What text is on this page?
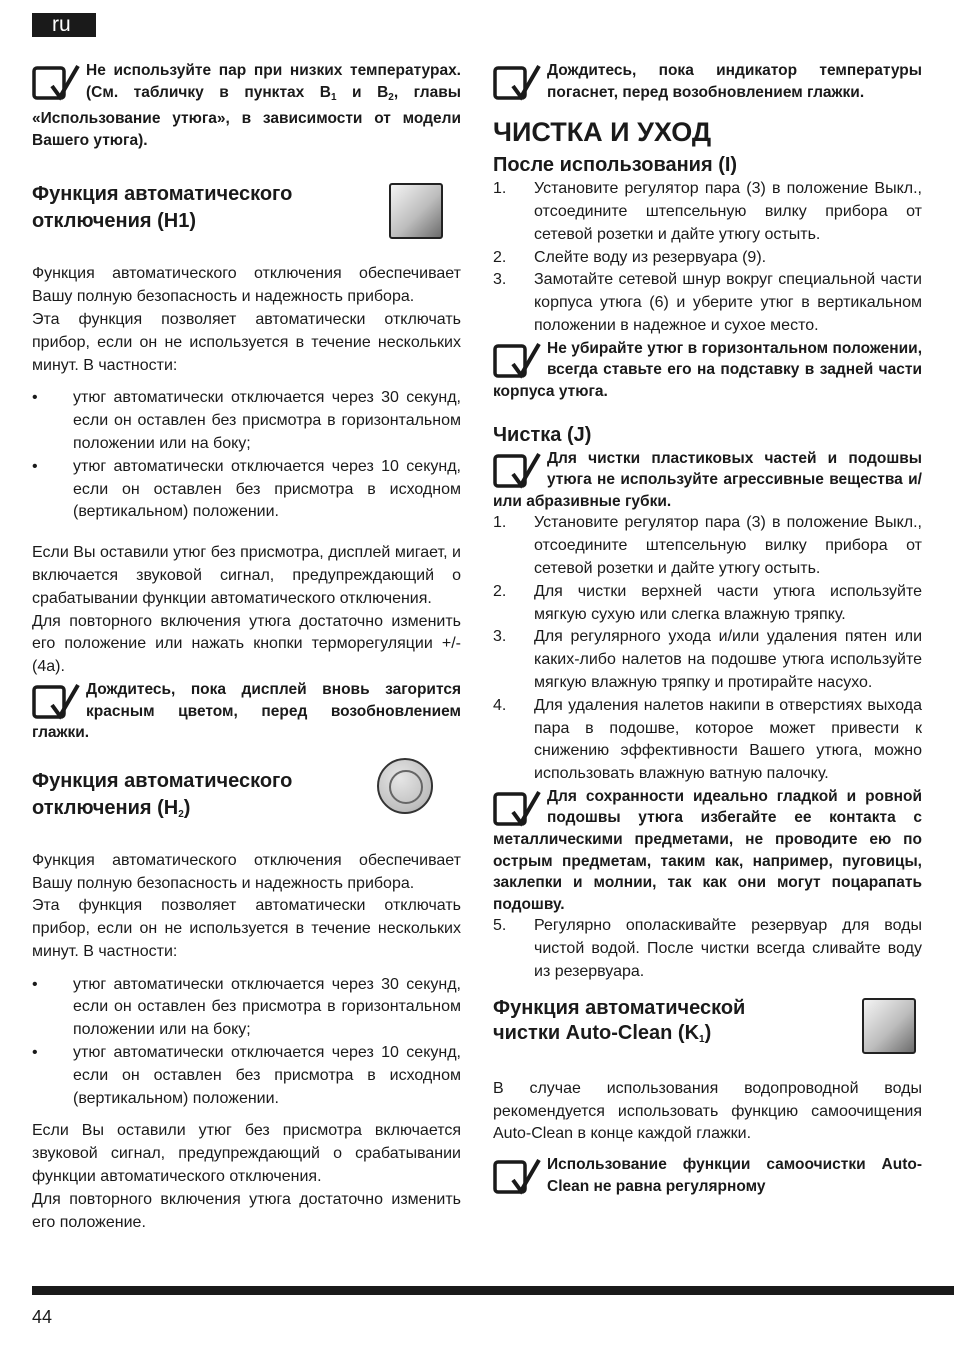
ru
Не используйте пар при низких температурах. (См. табличку в пунктах $B_1$ и $B_2$, главы «Использование утюга», в зависимости от модели Вашего утюга).
Функция автоматического отключения (H1)

Функция автоматического отключения обеспечивает Вашу полную безопасность и надежность прибора.

Эта функция позволяет автоматически отключать прибор, если он не используется в течение нескольких минут. В частности:

• утюг автоматически отключается через 30 секунд, если он оставлен без присмотра в горизонтальном положении или на боку;
• утюг автоматически отключается через 10 секунд, если он оставлен без присмотра в исходном (вертикальном) положении.

Если Вы оставили утюг без присмотра, дисплей мигает, и включается звуковой сигнал, предупреждающий о срабатывании функции автоматического отключения.

Для повторного включения утюга достаточно изменить его положение или нажать кнопки терморегуляции +/- (4a).

Дождитесь, пока дисплей вновь загорится красным цветом, перед возобновлением глажки.
Функция автоматического отключения $(H_2)$

Функция автоматического отключения обеспечивает Вашу полную безопасность и надежность прибора.

Эта функция позволяет автоматически отключать прибор, если он не используется в течение нескольких минут. В частности:

• утюг автоматически отключается через 30 секунд, если он оставлен без присмотра в горизонтальном положении или на боку;
• утюг автоматически отключается через 10 секунд, если он оставлен без присмотра в исходном (вертикальном) положении.

Если Вы оставили утюг без присмотра включается звуковой сигнал, предупреждающий о срабатывании функции автоматического отключения.

Для повторного включения утюга достаточно изменить его положение.

Дождитесь, пока индикатор температуры погаснет, перед возобновлением глажки.
ЧИСТКА И УХОД
После использования (I)
1. Установите регулятор пара (3) в положение Выкл., отсоедините штепсельную вилку прибора от сетевой розетки и дайте утюгу остыть.
2. Слейте воду из резервуара (9).
3. Замотайте сетевой шнур вокруг специальной части корпуса утюга (6) и уберите утюг в вертикальном положении в надежное и сухое место.
Не убирайте утюг в горизонтальном положении, всегда ставьте его на подставку в задней части корпуса утюга.
Чистка (J)
Для чистки пластиковых частей и подошвы утюга не используйте агрессивные вещества и/или абразивные губки.
1. Установите регулятор пара (3) в положение Выкл., отсоедините штепсельную вилку прибора от сетевой розетки и дайте утюгу остыть.
2. Для чистки верхней части утюга используйте мягкую сухую или слегка влажную тряпку.
3. Для регулярного ухода и/или удаления пятен или каких-либо налетов на подошве утюга используйте мягкую влажную тряпку и протирайте насухо.
4. Для удаления налетов накипи в отверстиях выхода пара в подошве, которое может привести к снижению эффективности Вашего утюга, можно использовать влажную ватную палочку.
Для сохранности идеально гладкой и ровной подошвы утюга избегайте ее контакта с металлическими предметами, не проводите ею по острым предметам, таким как, например, пуговицы, заклепки и молнии, так как они могут поцарапать подошву.
5. Регулярно ополаскивайте резервуар для воды чистой водой. После чистки всегда сливайте воду из резервуара.
Функция автоматической чистки Auto-Clean $(K_1)$

В случае использования водопроводной воды рекомендуется использовать функцию самоочищения Auto-Clean в конце каждой глажки.

Использование функции самоочистки Auto-Clean не равна регулярному
44
